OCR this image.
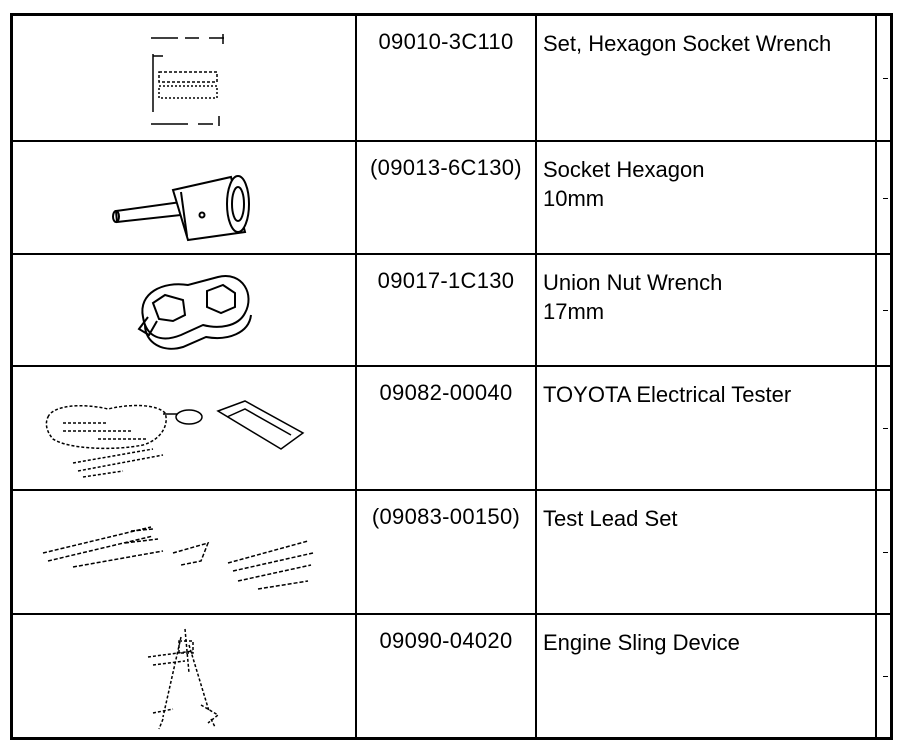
09010-3C110	Set, Hexagon Socket Wrench
(09013-6C130) Socket Hexagon
10mm
09017-1C130	Union Nut Wrench
17mm
09082-00040	TOYOTA Electrical Tester
(09083-00150)	Test Lead Set
09090-04020	Engine Sling Device
